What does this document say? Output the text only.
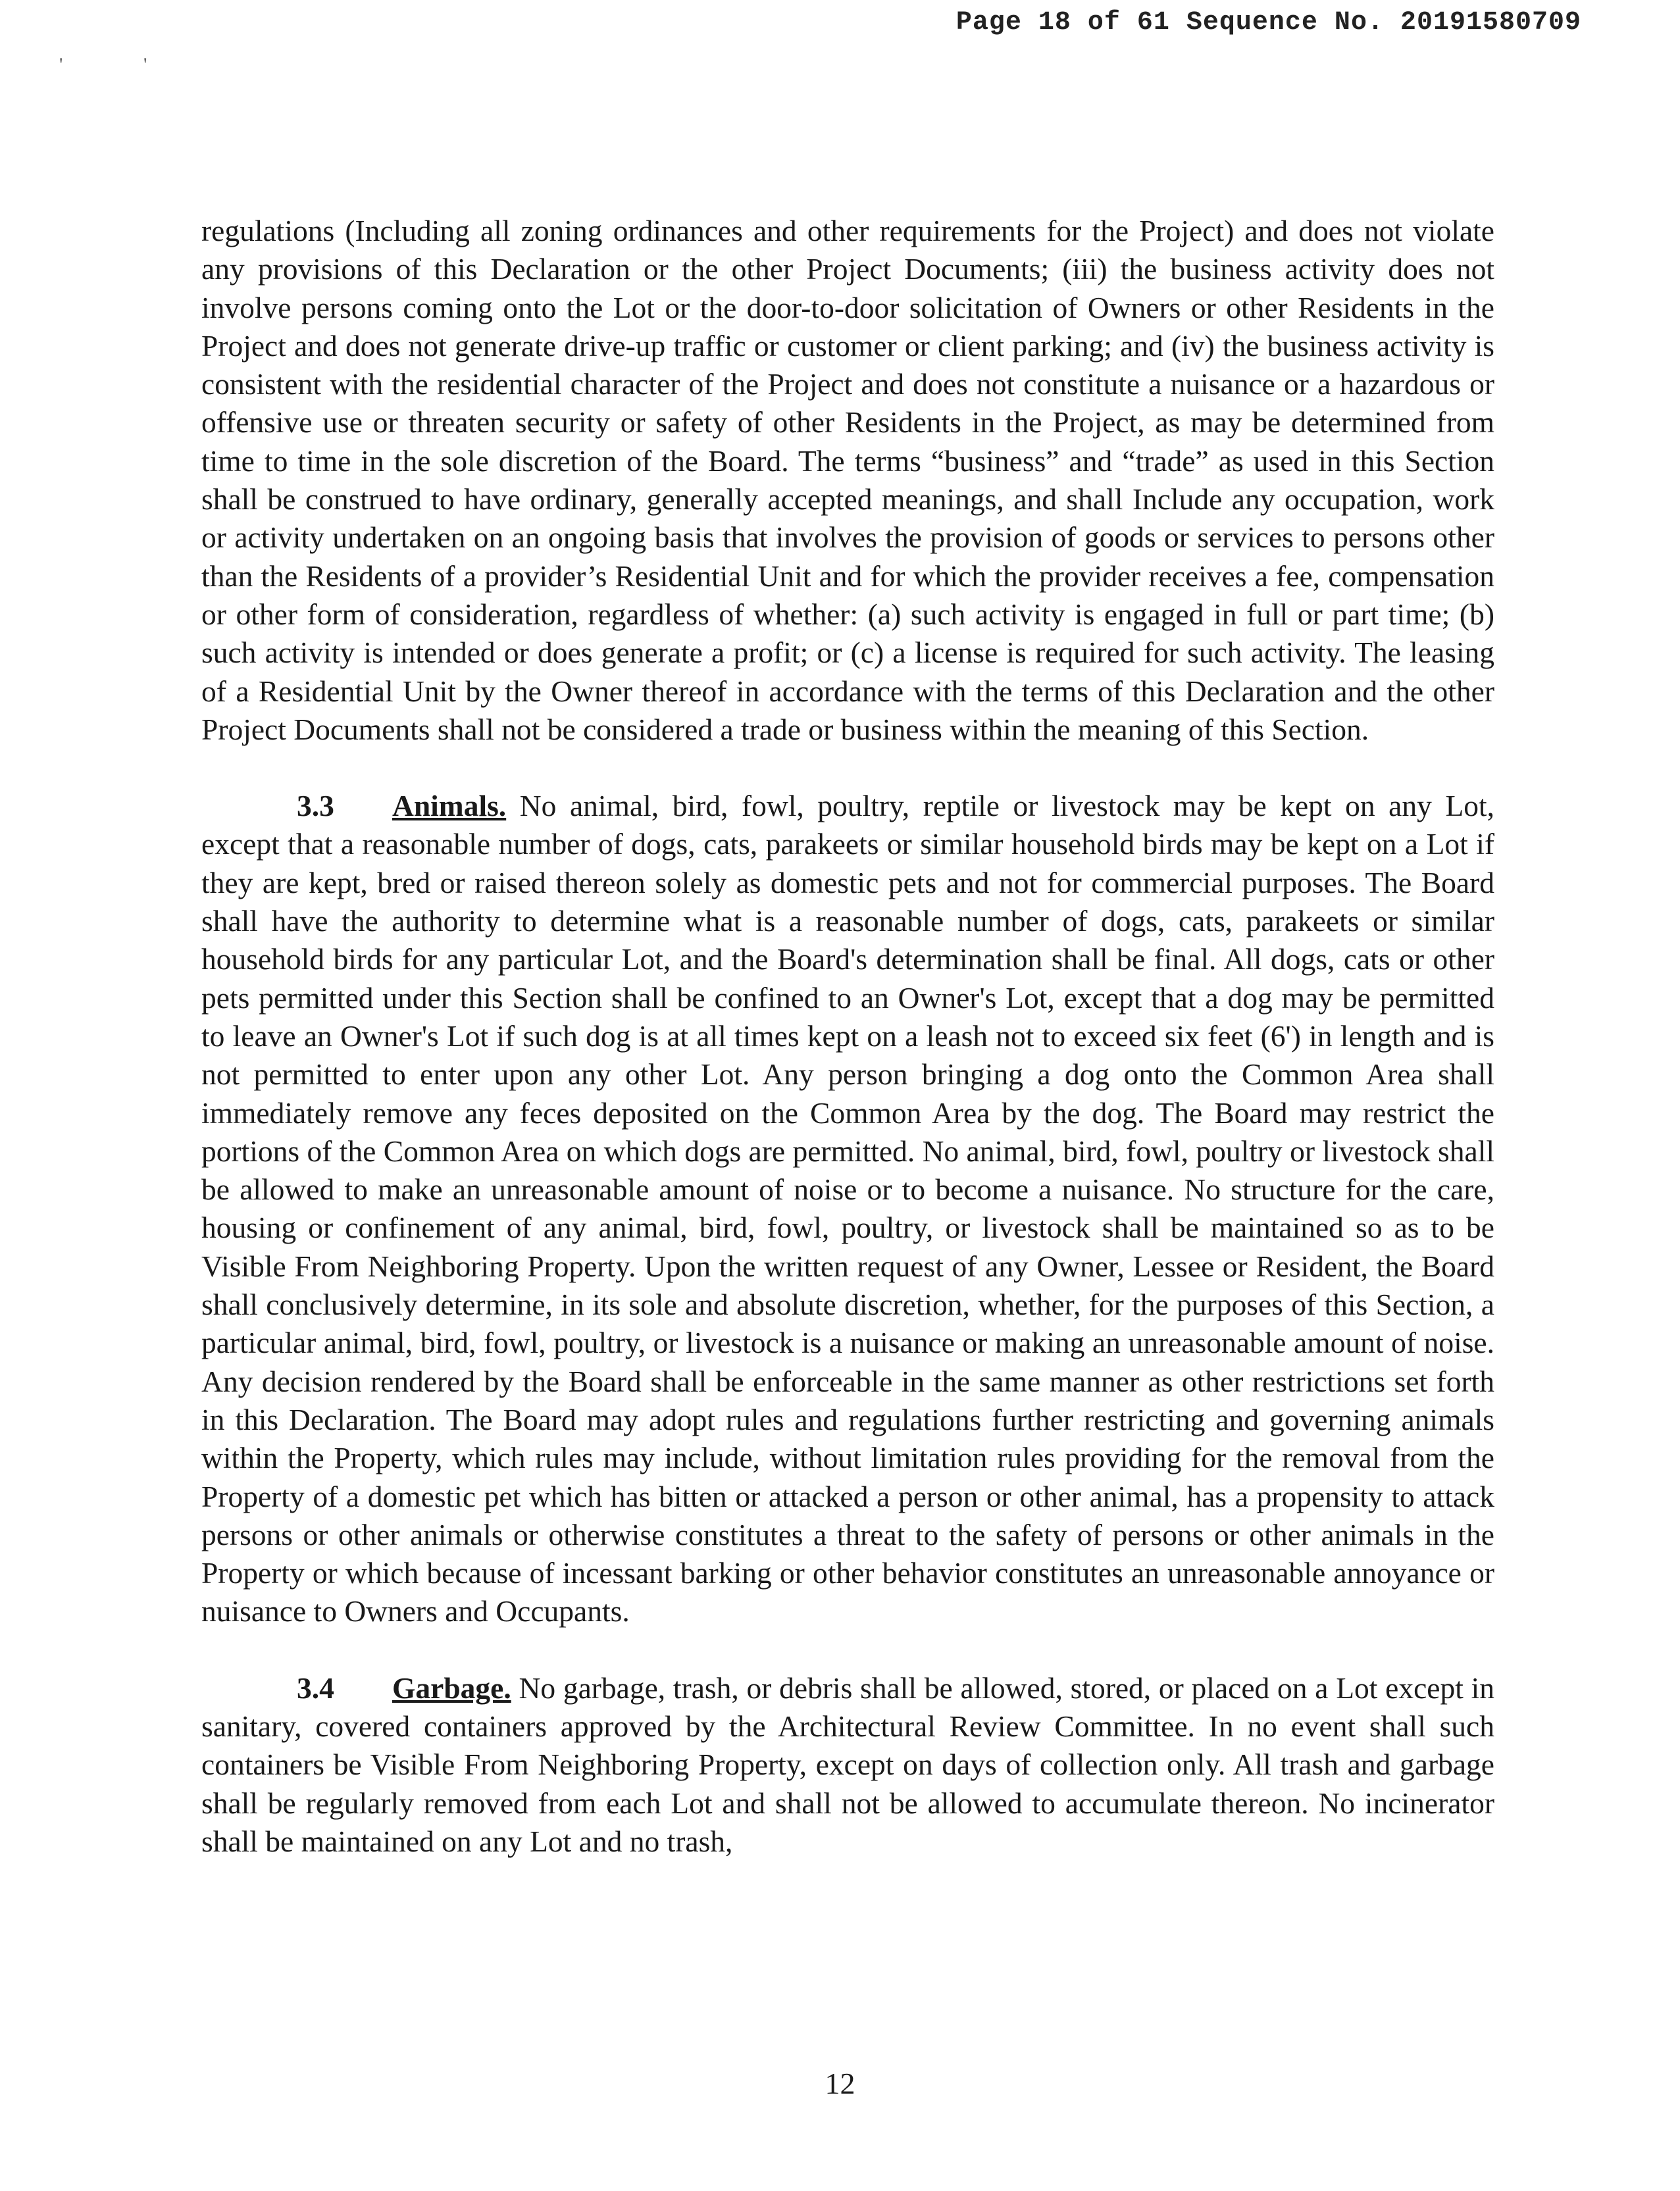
Page 18 of 61 Sequence No. 20191580709
'	'

regulations (Including all zoning ordinances and other requirements for the Project) and does not violate any provisions of this Declaration or the other Project Documents; (iii) the business activity does not involve persons coming onto the Lot or the door-to-door solicitation of Owners or other Residents in the Project and does not generate drive-up traffic or customer or client parking; and (iv) the business activity is consistent with the residential character of the Project and does not constitute a nuisance or a hazardous or offensive use or threaten security or safety of other Residents in the Project, as may be determined from time to time in the sole discretion of the Board. The terms “business” and “trade” as used in this Section shall be construed to have ordinary, generally accepted meanings, and shall Include any occupation, work or activity undertaken on an ongoing basis that involves the provision of goods or services to persons other than the Residents of a provider’s Residential Unit and for which the provider receives a fee, compensation or other form of consideration, regardless of whether: (a) such activity is engaged in full or part time; (b) such activity is intended or does generate a profit; or (c) a license is required for such activity. The leasing of a Residential Unit by the Owner thereof in accordance with the terms of this Declaration and the other Project Documents shall not be considered a trade or business within the meaning of this Section.

3.3 Animals. No animal, bird, fowl, poultry, reptile or livestock may be kept on any Lot, except that a reasonable number of dogs, cats, parakeets or similar household birds may be kept on a Lot if they are kept, bred or raised thereon solely as domestic pets and not for commercial purposes. The Board shall have the authority to determine what is a reasonable number of dogs, cats, parakeets or similar household birds for any particular Lot, and the Board's determination shall be final. All dogs, cats or other pets permitted under this Section shall be confined to an Owner's Lot, except that a dog may be permitted to leave an Owner's Lot if such dog is at all times kept on a leash not to exceed six feet (6') in length and is not permitted to enter upon any other Lot. Any person bringing a dog onto the Common Area shall immediately remove any feces deposited on the Common Area by the dog. The Board may restrict the portions of the Common Area on which dogs are permitted. No animal, bird, fowl, poultry or livestock shall be allowed to make an unreasonable amount of noise or to become a nuisance. No structure for the care, housing or confinement of any animal, bird, fowl, poultry, or livestock shall be maintained so as to be Visible From Neighboring Property. Upon the written request of any Owner, Lessee or Resident, the Board shall conclusively determine, in its sole and absolute discretion, whether, for the purposes of this Section, a particular animal, bird, fowl, poultry, or livestock is a nuisance or making an unreasonable amount of noise. Any decision rendered by the Board shall be enforceable in the same manner as other restrictions set forth in this Declaration. The Board may adopt rules and regulations further restricting and governing animals within the Property, which rules may include, without limitation rules providing for the removal from the Property of a domestic pet which has bitten or attacked a person or other animal, has a propensity to attack persons or other animals or otherwise constitutes a threat to the safety of persons or other animals in the Property or which because of incessant barking or other behavior constitutes an unreasonable annoyance or nuisance to Owners and Occupants.

3.4 Garbage. No garbage, trash, or debris shall be allowed, stored, or placed on a Lot except in sanitary, covered containers approved by the Architectural Review Committee. In no event shall such containers be Visible From Neighboring Property, except on days of collection only. All trash and garbage shall be regularly removed from each Lot and shall not be allowed to accumulate thereon. No incinerator shall be maintained on any Lot and no trash,

12
